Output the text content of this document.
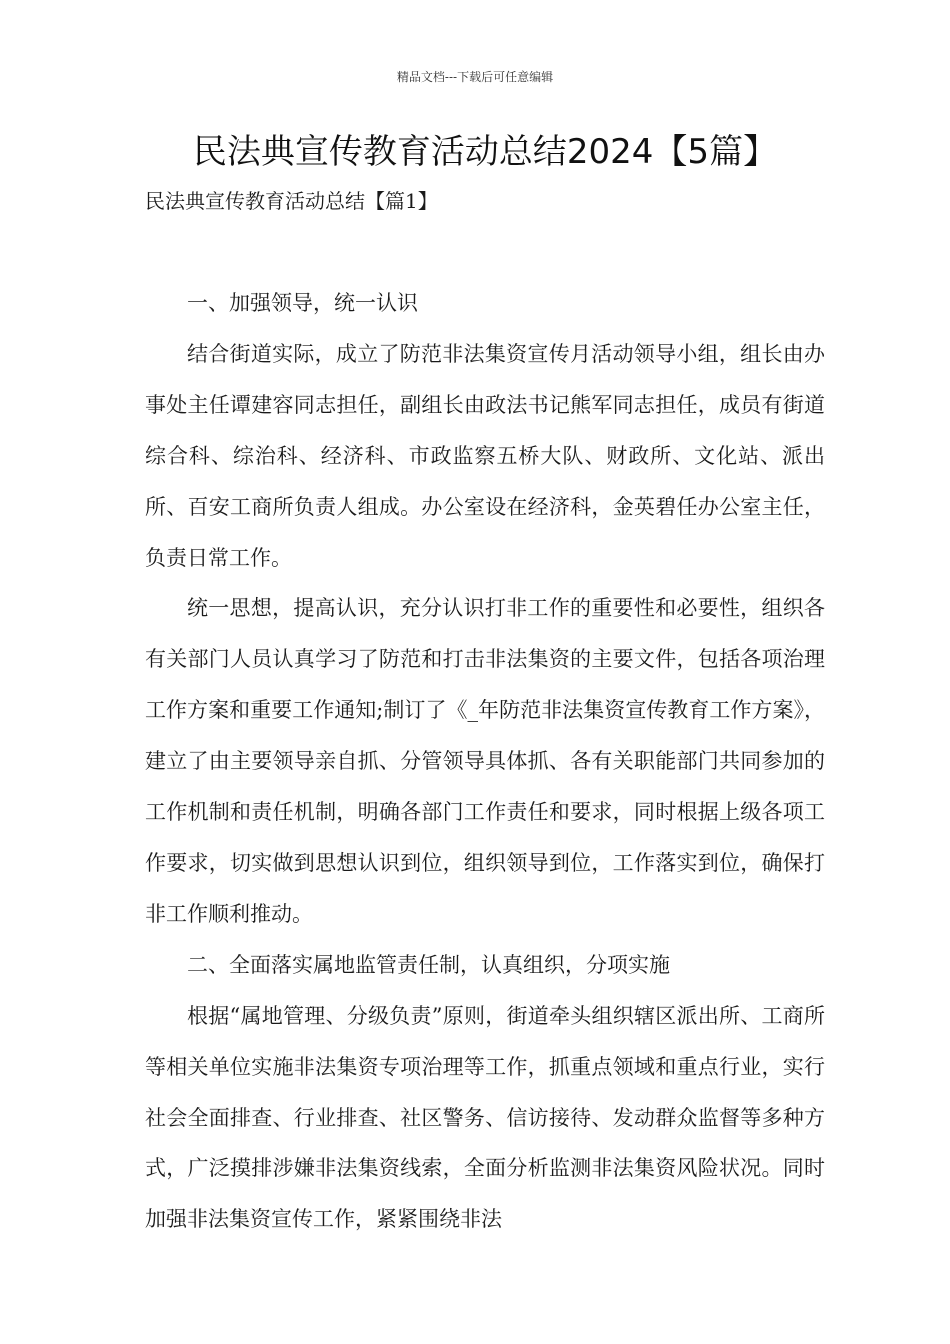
精品文档---下载后可任意编辑
民法典宣传教育活动总结2024【5篇】
民法典宣传教育活动总结【篇1】

一、加强领导，统一认识

结合街道实际，成立了防范非法集资宣传月活动领导小组，组长由办事处主任谭建容同志担任，副组长由政法书记熊军同志担任，成员有街道综合科、综治科、经济科、市政监察五桥大队、财政所、文化站、派出所、百安工商所负责人组成。办公室设在经济科，金英碧任办公室主任，负责日常工作。

统一思想，提高认识，充分认识打非工作的重要性和必要性，组织各有关部门人员认真学习了防范和打击非法集资的主要文件，包括各项治理工作方案和重要工作通知;制订了《_年防范非法集资宣传教育工作方案》，建立了由主要领导亲自抓、分管领导具体抓、各有关职能部门共同参加的工作机制和责任机制，明确各部门工作责任和要求，同时根据上级各项工作要求，切实做到思想认识到位，组织领导到位，工作落实到位，确保打非工作顺利推动。

二、全面落实属地监管责任制，认真组织，分项实施

根据“属地管理、分级负责”原则，街道牵头组织辖区派出所、工商所等相关单位实施非法集资专项治理等工作，抓重点领域和重点行业，实行社会全面排查、行业排查、社区警务、信访接待、发动群众监督等多种方式，广泛摸排涉嫌非法集资线索，全面分析监测非法集资风险状况。同时加强非法集资宣传工作，紧紧围绕非法
